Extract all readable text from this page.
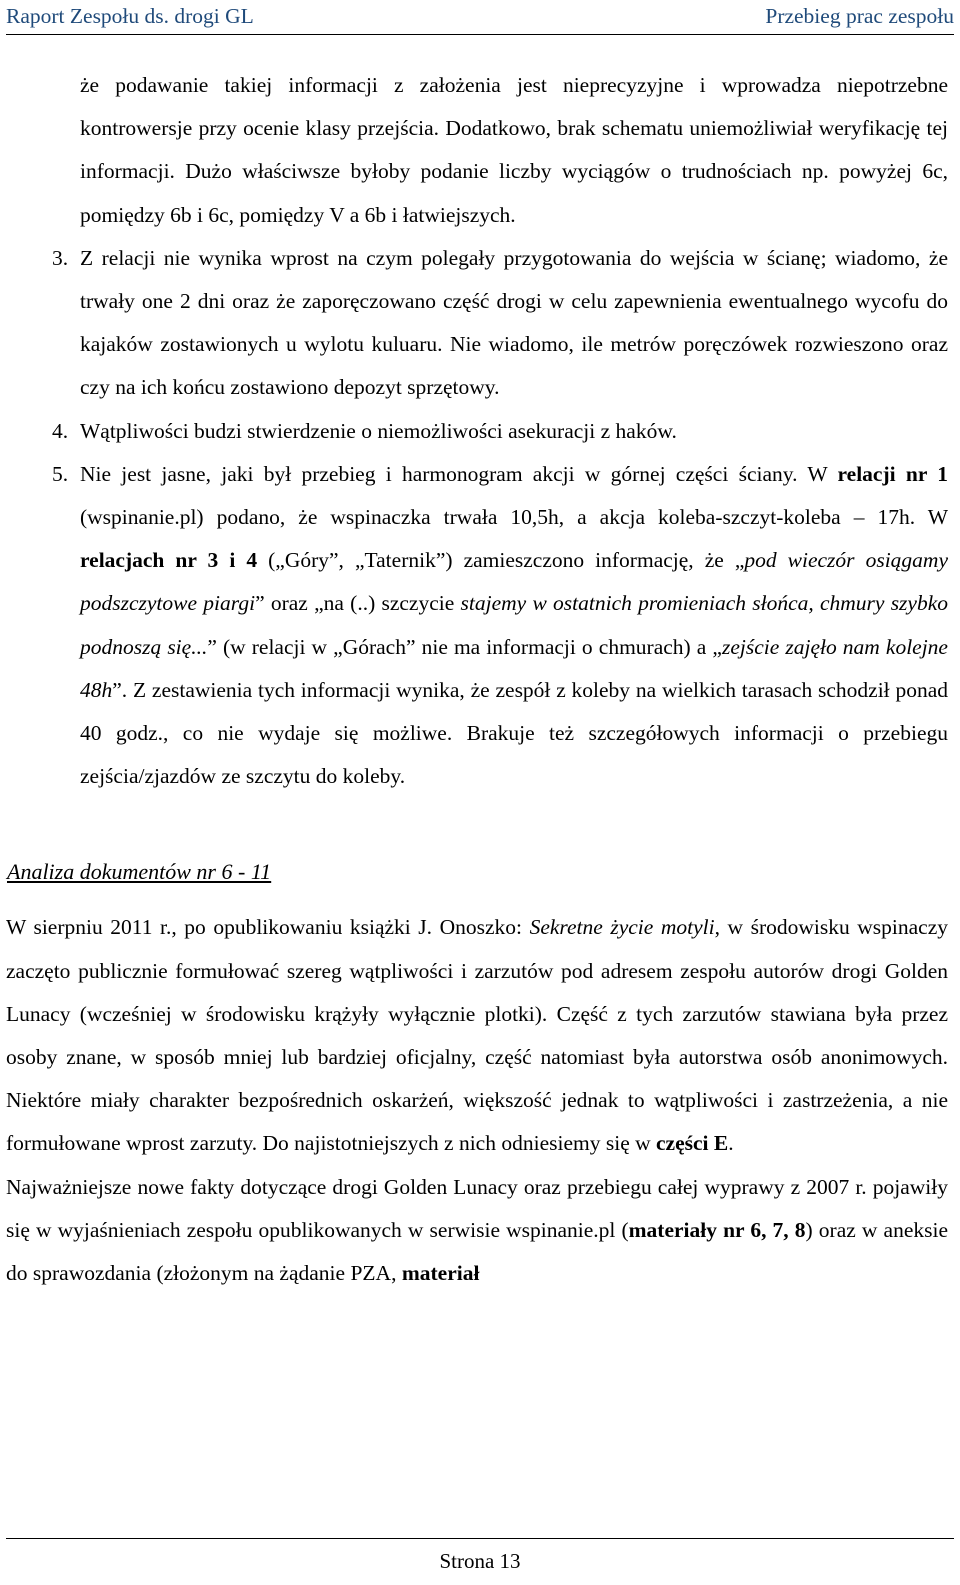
Raport Zespołu ds. drogi GL	Przebieg prac zespołu

że podawanie takiej informacji z założenia jest nieprecyzyjne i wprowadza niepotrzebne kontrowersje przy ocenie klasy przejścia. Dodatkowo, brak schematu uniemożliwiał weryfikację tej informacji. Dużo właściwsze byłoby podanie liczby wyciągów o trudnościach np. powyżej 6c, pomiędzy 6b i 6c, pomiędzy V a 6b i łatwiejszych.

3. Z relacji nie wynika wprost na czym polegały przygotowania do wejścia w ścianę; wiadomo, że trwały one 2 dni oraz że zaporęczowano część drogi w celu zapewnienia ewentualnego wycofu do kajaków zostawionych u wylotu kuluaru. Nie wiadomo, ile metrów poręczówek rozwieszono oraz czy na ich końcu zostawiono depozyt sprzętowy.

4. Wątpliwości budzi stwierdzenie o niemożliwości asekuracji z haków.

5. Nie jest jasne, jaki był przebieg i harmonogram akcji w górnej części ściany. W relacji nr 1 (wspinanie.pl) podano, że wspinaczka trwała 10,5h, a akcja koleba-szczyt-koleba – 17h. W relacjach nr 3 i 4 („Góry”, „Taternik”) zamieszczono informację, że „pod wieczór osiągamy podszczytowe piargi” oraz „na (..) szczycie stajemy w ostatnich promieniach słońca, chmury szybko podnoszą się...” (w relacji w „Górach” nie ma informacji o chmurach) a „zejście zajęło nam kolejne 48h”. Z zestawienia tych informacji wynika, że zespół z koleby na wielkich tarasach schodził ponad 40 godz., co nie wydaje się możliwe. Brakuje też szczegółowych informacji o przebiegu zejścia/zjazdów ze szczytu do koleby.

Analiza dokumentów nr 6 - 11

W sierpniu 2011 r., po opublikowaniu książki J. Onoszko: Sekretne życie motyli, w środowisku wspinaczy zaczęto publicznie formułować szereg wątpliwości i zarzutów pod adresem zespołu autorów drogi Golden Lunacy (wcześniej w środowisku krążyły wyłącznie plotki). Część z tych zarzutów stawiana była przez osoby znane, w sposób mniej lub bardziej oficjalny, część natomiast była autorstwa osób anonimowych. Niektóre miały charakter bezpośrednich oskarżeń, większość jednak to wątpliwości i zastrzeżenia, a nie formułowane wprost zarzuty. Do najistotniejszych z nich odniesiemy się w części E.

Najważniejsze nowe fakty dotyczące drogi Golden Lunacy oraz przebiegu całej wyprawy z 2007 r. pojawiły się w wyjaśnieniach zespołu opublikowanych w serwisie wspinanie.pl (materiały nr 6, 7, 8) oraz w aneksie do sprawozdania (złożonym na żądanie PZA, materiał

Strona 13
